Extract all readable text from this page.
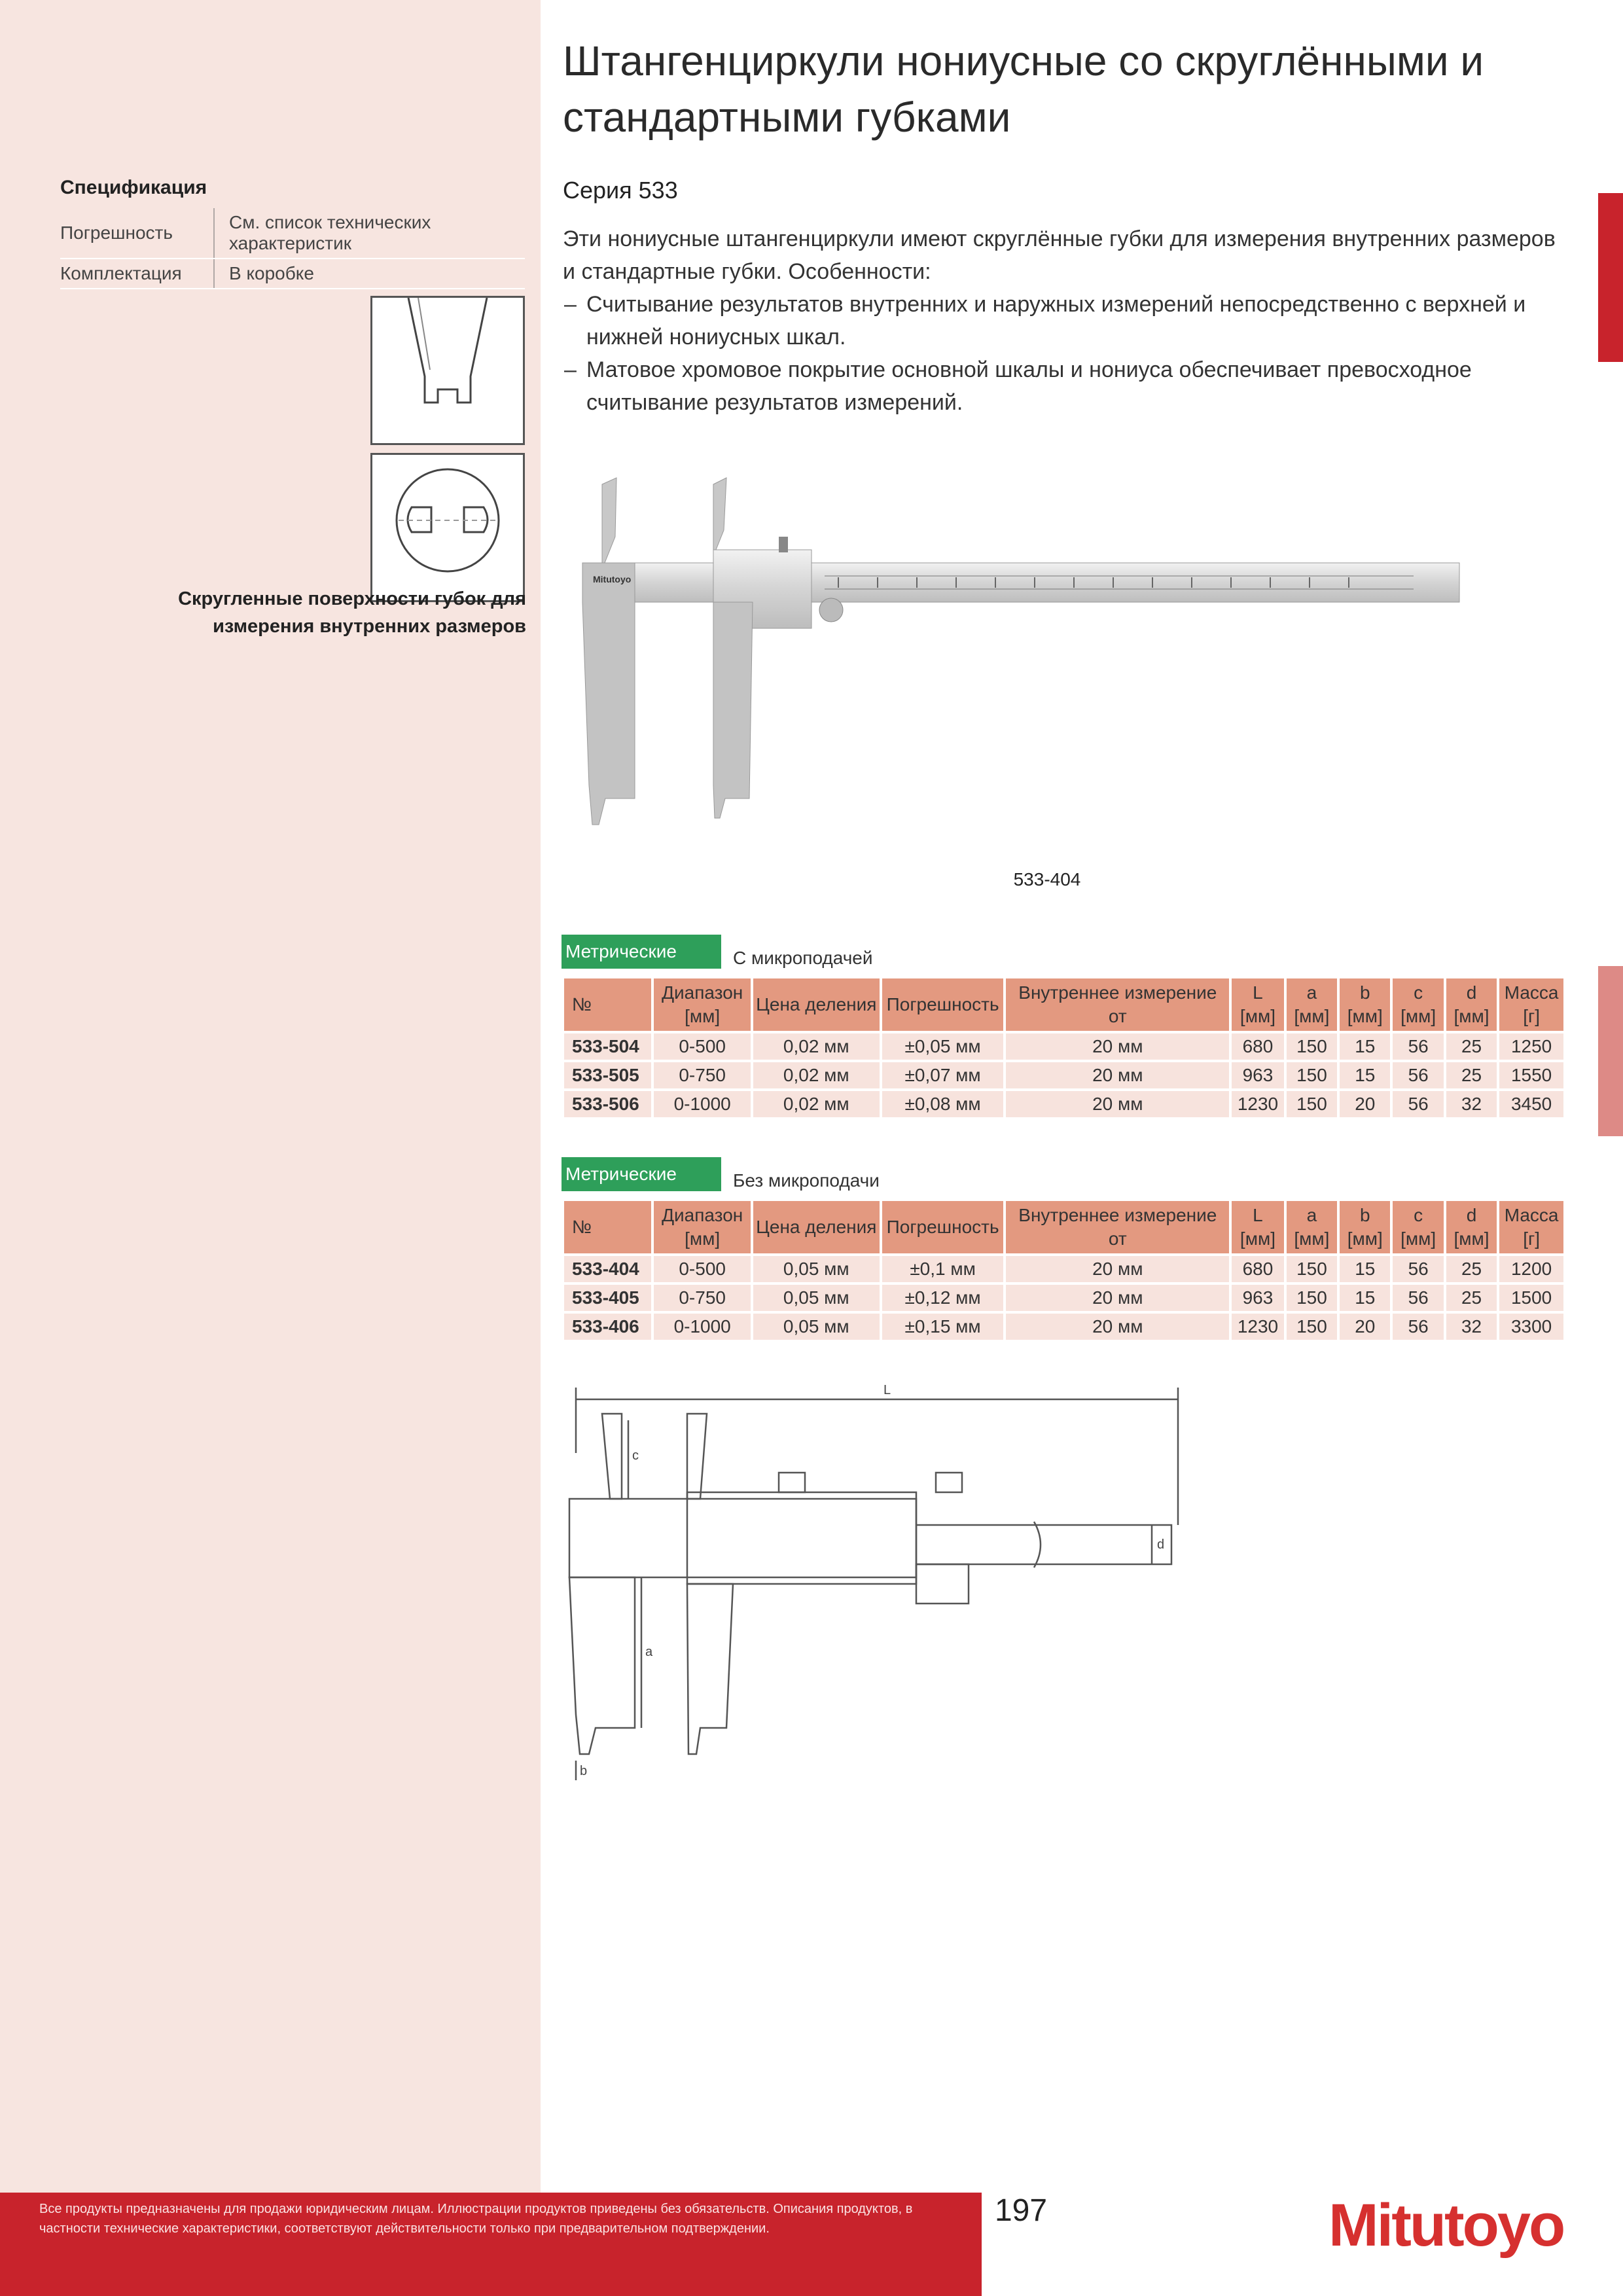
Спецификация
Погрешность	См. список технических характеристик
Комплектация	В коробке
Скругленные поверхности губок для измерения внутренних размеров
Штангенциркули нониусные со скруглёнными и стандартными губками
Серия 533
Эти нониусные штангенциркули имеют скруглённые губки для измерения внутренних размеров и стандартные губки. Особенности:
– Считывание результатов внутренних и наружных измерений непосредственно с верхней и нижней нониусных шкал.
– Матовое хромовое покрытие основной шкалы и нониуса обеспечивает превосходное считывание результатов измерений.
Mitutoyo
533-404
Метрические	С микроподачей
№	Диапазон [мм]	Цена деления	Погрешность	Внутреннее измерение от	L [мм]	a [мм]	b [мм]	c [мм]	d [мм]	Масса [г]
533-504	0-500	0,02 мм	±0,05 мм	20 мм	680	150	15	56	25	1250
533-505	0-750	0,02 мм	±0,07 мм	20 мм	963	150	15	56	25	1550
533-506	0-1000	0,02 мм	±0,08 мм	20 мм	1230	150	20	56	32	3450
Метрические	Без микроподачи
№	Диапазон [мм]	Цена деления	Погрешность	Внутреннее измерение от	L [мм]	a [мм]	b [мм]	c [мм]	d [мм]	Масса [г]
533-404	0-500	0,05 мм	±0,1 мм	20 мм	680	150	15	56	25	1200
533-405	0-750	0,05 мм	±0,12 мм	20 мм	963	150	15	56	25	1500
533-406	0-1000	0,05 мм	±0,15 мм	20 мм	1230	150	20	56	32	3300
L
c
a
d
b
Все продукты предназначены для продажи юридическим лицам. Иллюстрации продуктов приведены без обязательств. Описания продуктов, в частности технические характеристики, соответствуют действительности только при предварительном подтверждении.
197	Mitutoyo
